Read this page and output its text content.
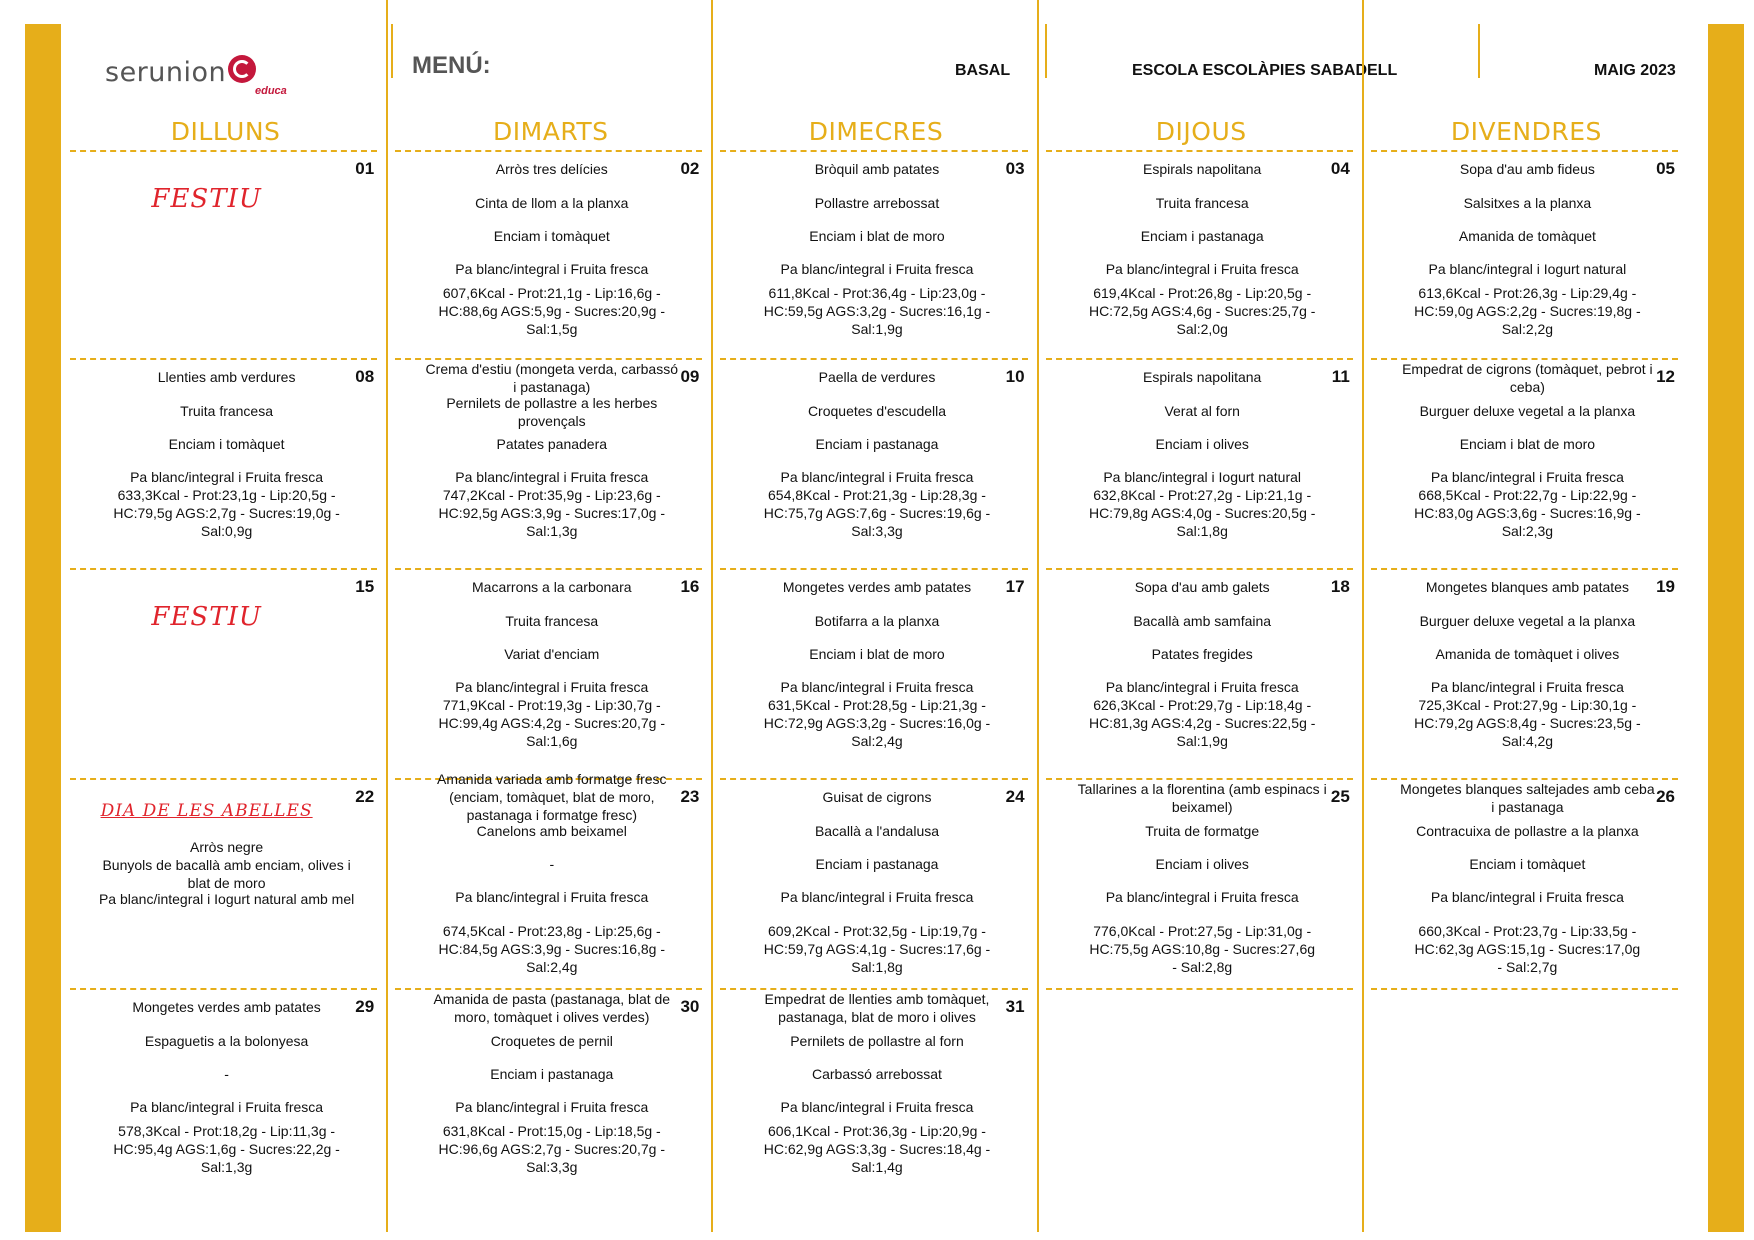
serunion
educa
MENÚ:	BASAL	ESCOLA ESCOLÀPIES SABADELL	MAIG 2023
DILLUNS	DIMARTS	DIMECRES	DIJOUS	DIVENDRES
01
FESTIU
02
Arròs tres delícies
Cinta de llom a la planxa
Enciam i tomàquet
Pa blanc/integral i Fruita fresca
607,6Kcal - Prot:21,1g - Lip:16,6g - HC:88,6g AGS:5,9g - Sucres:20,9g - Sal:1,5g
03
Bròquil amb patates
Pollastre arrebossat
Enciam i blat de moro
Pa blanc/integral i Fruita fresca
611,8Kcal - Prot:36,4g - Lip:23,0g - HC:59,5g AGS:3,2g - Sucres:16,1g - Sal:1,9g
04
Espirals napolitana
Truita francesa
Enciam i pastanaga
Pa blanc/integral i Fruita fresca
619,4Kcal - Prot:26,8g - Lip:20,5g - HC:72,5g AGS:4,6g - Sucres:25,7g - Sal:2,0g
05
Sopa d'au amb fideus
Salsitxes a la planxa
Amanida de tomàquet
Pa blanc/integral i Iogurt natural
613,6Kcal - Prot:26,3g - Lip:29,4g - HC:59,0g AGS:2,2g - Sucres:19,8g - Sal:2,2g
08
Llenties amb verdures
Truita francesa
Enciam i tomàquet
Pa blanc/integral i Fruita fresca
633,3Kcal - Prot:23,1g - Lip:20,5g - HC:79,5g AGS:2,7g - Sucres:19,0g - Sal:0,9g
09
Crema d'estiu (mongeta verda, carbassó i pastanaga)
Pernilets de pollastre a les herbes provençals
Patates panadera
Pa blanc/integral i Fruita fresca
747,2Kcal - Prot:35,9g - Lip:23,6g - HC:92,5g AGS:3,9g - Sucres:17,0g - Sal:1,3g
10
Paella de verdures
Croquetes d'escudella
Enciam i pastanaga
Pa blanc/integral i Fruita fresca
654,8Kcal - Prot:21,3g - Lip:28,3g - HC:75,7g AGS:7,6g - Sucres:19,6g - Sal:3,3g
11
Espirals napolitana
Verat al forn
Enciam i olives
Pa blanc/integral i Iogurt natural
632,8Kcal - Prot:27,2g - Lip:21,1g - HC:79,8g AGS:4,0g - Sucres:20,5g - Sal:1,8g
12
Empedrat de cigrons (tomàquet, pebrot i ceba)
Burguer deluxe vegetal a la planxa
Enciam i blat de moro
Pa blanc/integral i Fruita fresca
668,5Kcal - Prot:22,7g - Lip:22,9g - HC:83,0g AGS:3,6g - Sucres:16,9g - Sal:2,3g
15
FESTIU
16
Macarrons a la carbonara
Truita francesa
Variat d'enciam
Pa blanc/integral i Fruita fresca
771,9Kcal - Prot:19,3g - Lip:30,7g - HC:99,4g AGS:4,2g - Sucres:20,7g - Sal:1,6g
17
Mongetes verdes amb patates
Botifarra a la planxa
Enciam i blat de moro
Pa blanc/integral i Fruita fresca
631,5Kcal - Prot:28,5g - Lip:21,3g - HC:72,9g AGS:3,2g - Sucres:16,0g - Sal:2,4g
18
Sopa d'au amb galets
Bacallà amb samfaina
Patates fregides
Pa blanc/integral i Fruita fresca
626,3Kcal - Prot:29,7g - Lip:18,4g - HC:81,3g AGS:4,2g - Sucres:22,5g - Sal:1,9g
19
Mongetes blanques amb patates
Burguer deluxe vegetal a la planxa
Amanida de tomàquet i olives
Pa blanc/integral i Fruita fresca
725,3Kcal - Prot:27,9g - Lip:30,1g - HC:79,2g AGS:8,4g - Sucres:23,5g - Sal:4,2g
22
DIA DE LES ABELLES
Arròs negre
Bunyols de bacallà amb enciam, olives i blat de moro
Pa blanc/integral i Iogurt natural amb mel
23
Amanida variada amb formatge fresc (enciam, tomàquet, blat de moro, pastanaga i formatge fresc)
Canelons amb beixamel
-
Pa blanc/integral i Fruita fresca
674,5Kcal - Prot:23,8g - Lip:25,6g - HC:84,5g AGS:3,9g - Sucres:16,8g - Sal:2,4g
24
Guisat de cigrons
Bacallà a l'andalusa
Enciam i pastanaga
Pa blanc/integral i Fruita fresca
609,2Kcal - Prot:32,5g - Lip:19,7g - HC:59,7g AGS:4,1g - Sucres:17,6g - Sal:1,8g
25
Tallarines a la florentina (amb espinacs i beixamel)
Truita de formatge
Enciam i olives
Pa blanc/integral i Fruita fresca
776,0Kcal - Prot:27,5g - Lip:31,0g - HC:75,5g AGS:10,8g - Sucres:27,6g - Sal:2,8g
26
Mongetes blanques saltejades amb ceba i pastanaga
Contracuixa de pollastre a la planxa
Enciam i tomàquet
Pa blanc/integral i Fruita fresca
660,3Kcal - Prot:23,7g - Lip:33,5g - HC:62,3g AGS:15,1g - Sucres:17,0g - Sal:2,7g
29
Mongetes verdes amb patates
Espaguetis a la bolonyesa
-
Pa blanc/integral i Fruita fresca
578,3Kcal - Prot:18,2g - Lip:11,3g - HC:95,4g AGS:1,6g - Sucres:22,2g - Sal:1,3g
30
Amanida de pasta (pastanaga, blat de moro, tomàquet i olives verdes)
Croquetes de pernil
Enciam i pastanaga
Pa blanc/integral i Fruita fresca
631,8Kcal - Prot:15,0g - Lip:18,5g - HC:96,6g AGS:2,7g - Sucres:20,7g - Sal:3,3g
31
Empedrat de llenties amb tomàquet, pastanaga, blat de moro i olives
Pernilets de pollastre al forn
Carbassó arrebossat
Pa blanc/integral i Fruita fresca
606,1Kcal - Prot:36,3g - Lip:20,9g - HC:62,9g AGS:3,3g - Sucres:18,4g - Sal:1,4g
